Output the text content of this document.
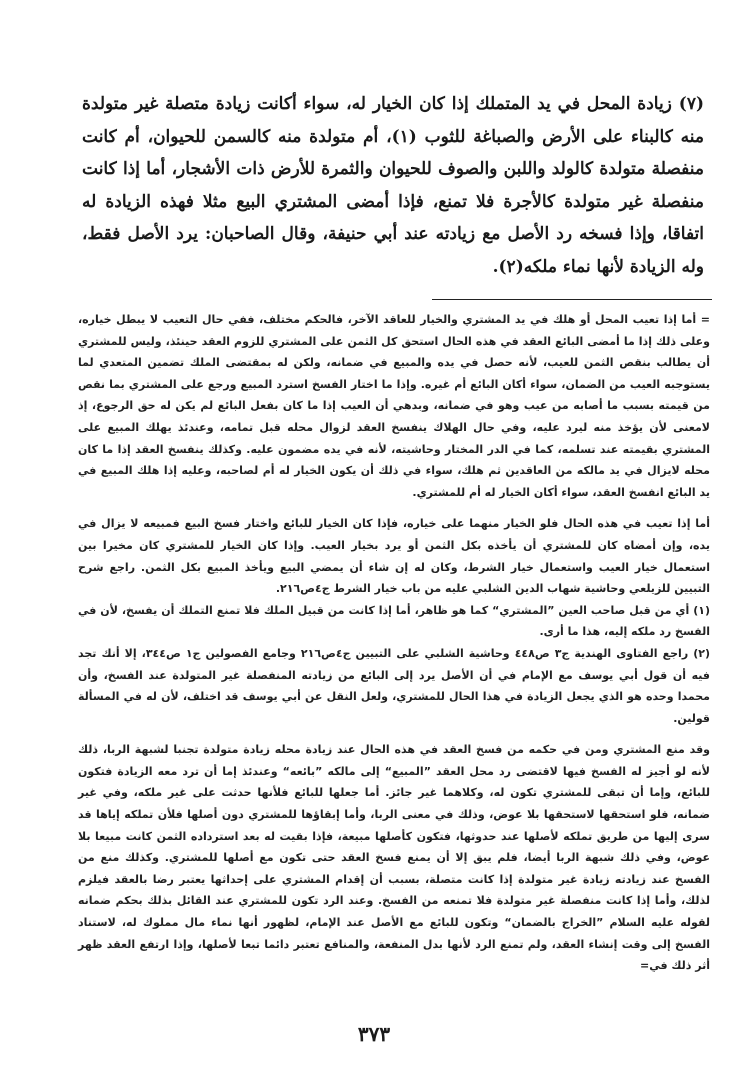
(٧) زيادة المحل في يد المتملك إذا كان الخيار له، سواء أكانت زيادة متصلة غير متولدة منه كالبناء على الأرض والصباغة للثوب (١)، أم متولدة منه كالسمن للحيوان، أم كانت منفصلة متولدة كالولد واللبن والصوف للحيوان والثمرة للأرض ذات الأشجار، أما إذا كانت منفصلة غير متولدة كالأجرة فلا تمنع، فإذا أمضى المشتري البيع مثلا فهذه الزيادة له اتفاقا، وإذا فسخه رد الأصل مع زيادته عند أبي حنيفة، وقال الصاحبان: يرد الأصل فقط، وله الزيادة لأنها نماء ملكه(٢).

= أما إذا تعيب المحل أو هلك في يد المشتري والخيار للعاقد الآخر، فالحكم مختلف، ففي حال التعيب لا يبطل خياره، وعلى ذلك إذا ما أمضى البائع العقد في هذه الحال استحق كل الثمن على المشتري للزوم العقد حينئذ، وليس للمشتري أن يطالب بنقص الثمن للعيب، لأنه حصل في يده والمبيع في ضمانه، ولكن له بمقتضى الملك تضمين المتعدي لما يستوجبه العيب من الضمان، سواء أكان البائع أم غيره. وإذا ما اختار الفسخ استرد المبيع ورجع على المشتري بما نقص من قيمته بسبب ما أصابه من عيب وهو في ضمانه، وبدهي أن العيب إذا ما كان بفعل البائع لم يكن له حق الرجوع، إذ لامعنى لأن يؤخذ منه ليرد عليه، وفي حال الهلاك ينفسخ العقد لزوال محله قبل تمامه، وعندئذ يهلك المبيع على المشتري بقيمته عند تسلمه، كما في الدر المختار وحاشيته، لأنه في يده مضمون عليه. وكذلك ينفسخ العقد إذا ما كان محله لايزال في يد مالكه من العاقدين ثم هلك، سواء في ذلك أن يكون الخيار له أم لصاحبه، وعليه إذا هلك المبيع في يد البائع انفسخ العقد، سواء أكان الخيار له أم للمشتري.

أما إذا تعيب في هذه الحال فلو الخيار منهما على خياره، فإذا كان الخيار للبائع واختار فسخ البيع فمبيعه لا يزال في يده، وإن أمضاه كان للمشتري أن يأخذه بكل الثمن أو يرد بخيار العيب. وإذا كان الخيار للمشتري كان مخيرا بين استعمال خيار العيب واستعمال خيار الشرط، وكان له إن شاء أن يمضي البيع ويأخذ المبيع بكل الثمن. راجع شرح التبيين للزيلعي وحاشية شهاب الدين الشلبي عليه من باب خيار الشرط ج٤ص٢١٦.

(١) أي من قبل صاحب العين ”المشتري“ كما هو ظاهر، أما إذا كانت من قبيل الملك فلا تمنع التملك أن يفسخ، لأن في الفسخ رد ملكه إليه، هذا ما أرى.

(٢) راجع الفتاوى الهندية ج٣ ص٤٤٨ وحاشية الشلبي على التبيين ج٤ص٢١٦ وجامع الفصولين ج١ ص٣٤٤، إلا أنك تجد فيه أن قول أبي يوسف مع الإمام في أن الأصل يرد إلى البائع من زيادته المنفصلة غير المتولدة عند الفسخ، وأن محمدا وحده هو الذي يجعل الزيادة في هذا الحال للمشتري، ولعل النقل عن أبي يوسف قد اختلف، لأن له في المسألة قولين.

وقد منع المشتري ومن في حكمه من فسخ العقد في هذه الحال عند زيادة محله زيادة متولدة تجنبا لشبهة الربا، ذلك لأنه لو أجيز له الفسخ فيها لاقتضى رد محل العقد ”المبيع“ إلى مالكه ”بائعه“ وعندئذ إما أن ترد معه الزيادة فتكون للبائع، وإما أن تبقى للمشتري تكون له، وكلاهما غير جائز. أما جعلها للبائع فلأنها حدثت على غير ملكه، وفي غير ضمانه، فلو استحقها لاستحقها بلا عوض، وذلك في معنى الربا، وأما إبقاؤها للمشتري دون أصلها فلأن تملكه إياها قد سرى إليها من طريق تملكه لأصلها عند حدوثها، فتكون كأصلها مبيعة، فإذا بقيت له بعد استرداده الثمن كانت مبيعا بلا عوض، وفي ذلك شبهة الربا أيضا، فلم يبق إلا أن يمنع فسخ العقد حتى تكون مع أصلها للمشتري. وكذلك منع من الفسخ عند زيادته زيادة غير متولدة إذا كانت متصلة، بسبب أن إقدام المشتري على إحداثها يعتبر رضا بالعقد فيلزم لذلك، وأما إذا كانت منفصلة غير متولدة فلا تمنعه من الفسخ. وعند الرد تكون للمشتري عند القائل بذلك بحكم ضمانه لقوله عليه السلام ”الخراج بالضمان“ وتكون للبائع مع الأصل عند الإمام، لظهور أنها نماء مال مملوك له، لاستناد الفسخ إلى وقت إنشاء العقد، ولم تمنع الرد لأنها بدل المنفعة، والمنافع تعتبر دائما تبعا لأصلها، وإذا ارتفع العقد ظهر أثر ذلك في=

٣٧٣
